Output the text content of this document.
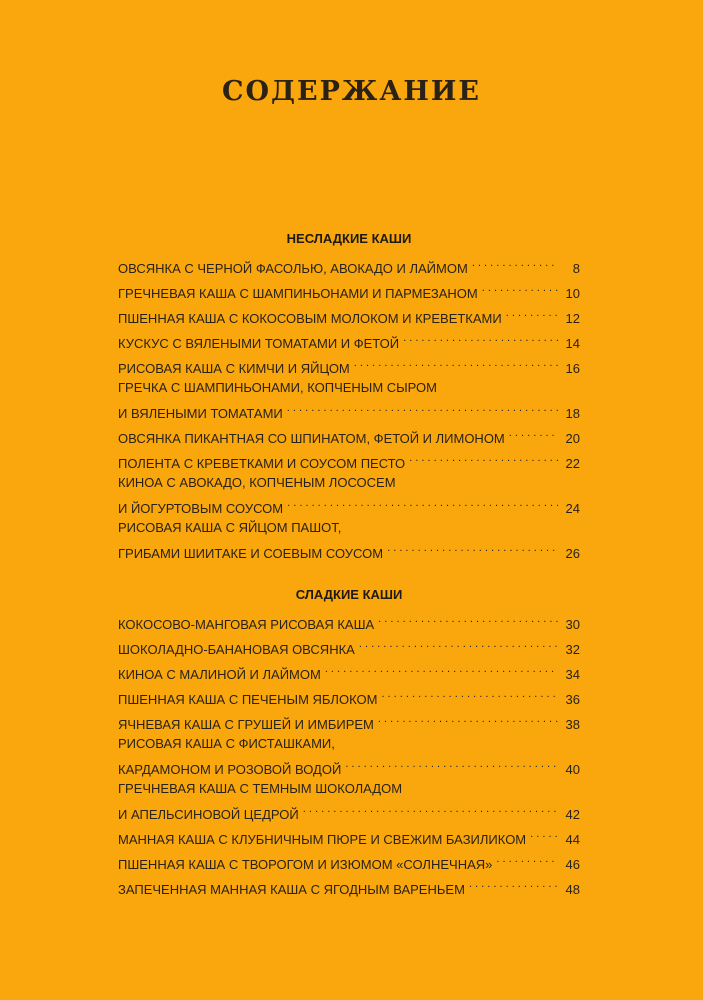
СОДЕРЖАНИЕ
НЕСЛАДКИЕ КАШИ
ОВСЯНКА С ЧЕРНОЙ ФАСОЛЬЮ, АВОКАДО И ЛАЙМОМ . . .	8
ГРЕЧНЕВАЯ КАША С ШАМПИНЬОНАМИ И ПАРМЕЗАНОМ . . .	10
ПШЕННАЯ КАША С КОКОСОВЫМ МОЛОКОМ И КРЕВЕТКАМИ . . .	12
КУСКУС С ВЯЛЕНЫМИ ТОМАТАМИ И ФЕТОЙ . . .	14
РИСОВАЯ КАША С КИМЧИ И ЯЙЦОМ . . .	16
ГРЕЧКА С ШАМПИНЬОНАМИ, КОПЧЕНЫМ СЫРОМ
И ВЯЛЕНЫМИ ТОМАТАМИ . . .	18
ОВСЯНКА ПИКАНТНАЯ СО ШПИНАТОМ, ФЕТОЙ И ЛИМОНОМ . . .	20
ПОЛЕНТА С КРЕВЕТКАМИ И СОУСОМ ПЕСТО . . .	22
КИНОА С АВОКАДО, КОПЧЕНЫМ ЛОСОСЕМ
И ЙОГУРТОВЫМ СОУСОМ . . .	24
РИСОВАЯ КАША С ЯЙЦОМ ПАШОТ,
ГРИБАМИ ШИИТАКЕ И СОЕВЫМ СОУСОМ . . .	26
СЛАДКИЕ КАШИ
КОКОСОВО-МАНГОВАЯ РИСОВАЯ КАША . . .	30
ШОКОЛАДНО-БАНАНОВАЯ ОВСЯНКА . . .	32
КИНОА С МАЛИНОЙ И ЛАЙМОМ . . .	34
ПШЕННАЯ КАША С ПЕЧЕНЫМ ЯБЛОКОМ . . .	36
ЯЧНЕВАЯ КАША С ГРУШЕЙ И ИМБИРЕМ . . .	38
РИСОВАЯ КАША С ФИСТАШКАМИ,
КАРДАМОНОМ И РОЗОВОЙ ВОДОЙ . . .	40
ГРЕЧНЕВАЯ КАША С ТЕМНЫМ ШОКОЛАДОМ
И АПЕЛЬСИНОВОЙ ЦЕДРОЙ . . .	42
МАННАЯ КАША С КЛУБНИЧНЫМ ПЮРЕ И СВЕЖИМ БАЗИЛИКОМ . . .	44
ПШЕННАЯ КАША С ТВОРОГОМ И ИЗЮМОМ «СОЛНЕЧНАЯ» . . .	46
ЗАПЕЧЕННАЯ МАННАЯ КАША С ЯГОДНЫМ ВАРЕНЬЕМ . . .	48
